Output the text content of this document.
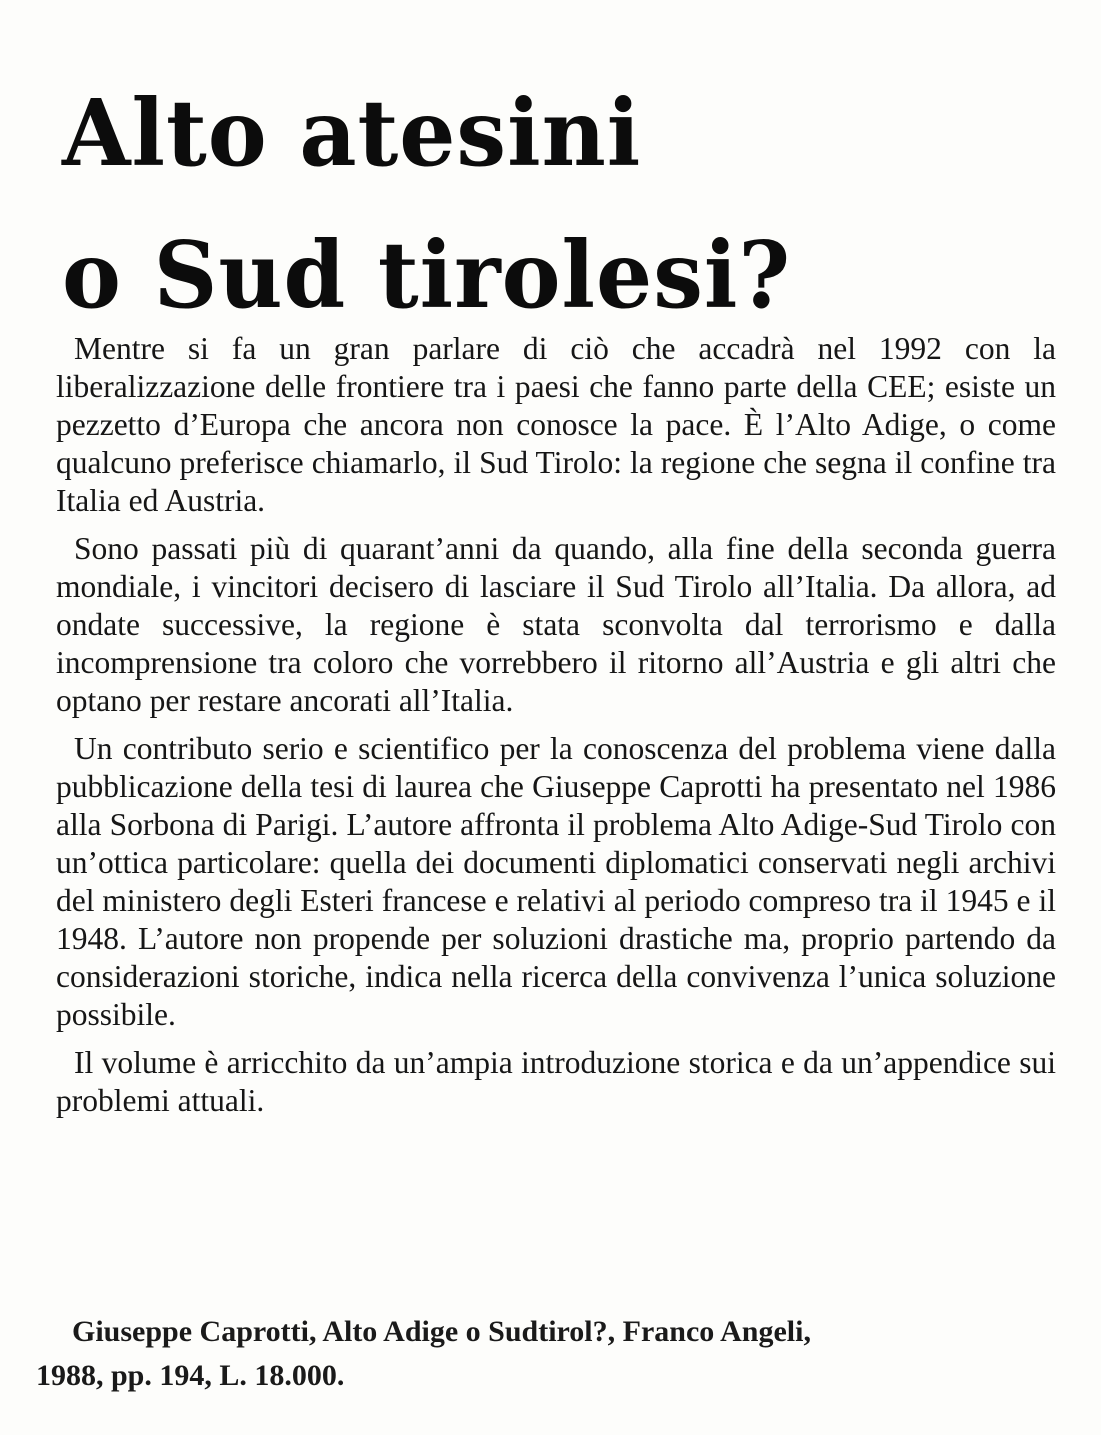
Alto atesini
o Sud tirolesi?

Mentre si fa un gran parlare di ciò che accadrà nel 1992 con la liberalizzazione delle frontiere tra i paesi che fanno parte della CEE; esiste un pezzetto d’Europa che ancora non conosce la pace. È l’Alto Adige, o come qualcuno preferisce chiamarlo, il Sud Tirolo: la regione che segna il confine tra Italia ed Austria.

Sono passati più di quarant’anni da quando, alla fine della seconda guerra mondiale, i vincitori decisero di lasciare il Sud Tirolo all’Italia. Da allora, ad ondate successive, la regione è stata sconvolta dal terrorismo e dalla incomprensione tra coloro che vorrebbero il ritorno all’Austria e gli altri che optano per restare ancorati all’Italia.

Un contributo serio e scientifico per la conoscenza del problema viene dalla pubblicazione della tesi di laurea che Giuseppe Caprotti ha presentato nel 1986 alla Sorbona di Parigi. L’autore affronta il problema Alto Adige-Sud Tirolo con un’ottica particolare: quella dei documenti diplomatici conservati negli archivi del ministero degli Esteri francese e relativi al periodo compreso tra il 1945 e il 1948. L’autore non propende per soluzioni drastiche ma, proprio partendo da considerazioni storiche, indica nella ricerca della convivenza l’unica soluzione possibile.

Il volume è arricchito da un’ampia introduzione storica e da un’appendice sui problemi attuali.

Giuseppe Caprotti, Alto Adige o Sudtirol?, Franco Angeli,
1988, pp. 194, L. 18.000.
